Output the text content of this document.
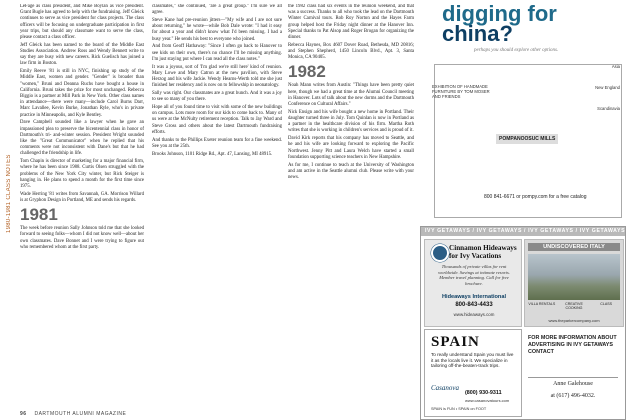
1980-1981 CLASS NOTES

LeFage as class president, and Mike Boylan as vice president. Grant Bugle has agreed to help with the fundraising. Jeff Gleick continues to serve as vice president for class projects. The class officers will be focusing on undergraduate participation in first year trips, but should any classmate want to serve the class, please contact a class officer.

Jeff Gleick has been named to the board of the Middle East Studies Association. Andrew Ross and Wendy Bennett write to say they are busy with new careers. Rick Guelisch has joined a law firm in Boston.

Emily Reeve '81 is still in NYC, finishing up study of the Middle East, women and gender. "Gender" is broader than "women," Bruni and Deanna Ruchs have bought a house in California. Bruni takes the prize for most unchanged. Rebecca Biggio is a partner at Mill Park in New York. Other class names in attendance—there were many—include Carol Burns Darr, Marc Lavallee, Kevin Burke, Jonathan Ryle, who's in private practice in Minneapolis, and Kyle Bentley.

Dave Campbell sounded like a lawyer when he gave an impassioned plea to preserve the bicentennial class in honor of Dartmouth's tri- and-winter session. President Wright sounded like the "Great Communicator" when he replied that his comments were not inconsistent with Dane's but that he had challenged the friendship in life.

Tom Chapin is director of marketing for a major financial firm, where he has been since 1988. Curtis Olsen struggled with the problems of the New York City winter, but Rick Steiger is hanging in. He plans to spend a month for the first time since 1975.

Wade Herring '81 writes from Savannah, GA. Morrison Willard is at Gryphon Design in Portland, ME and sends his regards.

1981

The week before reunion Sally Johnson told me that she looked forward to seeing folks—whom I did not know well—about her own classmates. Dave Bonnet and I were trying to figure out who remembered whom at the first party.

classmates," she continued, "are a great group." I'm sure we all agree.

Steve Kane had pre-reunion jitters—"My wife and I are not sure about returning," he wrote—while Bob Dale wrote: "I had it easy for about a year and didn't know what I'd been missing. I had a busy year." He sends his best to everyone who joined.

And from Geoff Hathaway: "Since I often go back to Hanover to see kids on their own, there's no chance I'll be missing anything. I'm just staying put where I can read all the class notes."

It was a joyous, sort of 'I'm glad we're still here' kind of reunion. Mary Lowe and Mary Catron at the new pavilion, with Steve Herzog and his wife Jackie. Wendy Hearns-Werth told me she just finished her residency and is now on to fellowship in neonatology.

Sally was right. Our classmates are a great bunch. And it was a joy to see so many of you there.

Hope all of you found time to visit with some of the new buildings on campus. Lots more room for our kids to come back to. Many of us were at the McNulty retirement reception. Talk to Jay Ward and Steve Gross and others about the latest Dartmouth fundraising efforts.

And thanks to the Phillips Exeter reunion team for a fine weekend. See you at the 25th.

Brooks Johnson, 1101 Ridge Rd., Apt. 47, Lansing, MI 48915.

the 1982 class had six events in the reunion weekend, and that was a success. Thanks to all who took the lead on the Dartmouth Winter Carnival tours. Rob Roy Norton and the Hayes Farm group helped host the Friday night dinner at the Hanover Inn. Special thanks to Pat Alsop and Roger Brogan for organizing the dinner.

Rebecca Haynes, Box 4607 Dover Road, Bethesda, MD 20816; and Stephen Shepherd, 1450 Lincoln Blvd., Apt. 3, Santa Monica, CA 90405.

1982

Noah Mann writes from Austin: "Things have been pretty quiet here, though we had a great time at the Alumni Council meeting in Hanover. Lots of talk about the new dorms and the Dartmouth Conference on Cultural Affairs."

Nick Ensign and his wife bought a new home in Portland. Their daughter turned three in July. Tom Quinlan is now in Portland as a partner in the healthcare division of his firm. Martha Roth writes that she is working in children's services and is proud of it.

David Kirk reports that his company has moved to Seattle, and he and his wife are looking forward to exploring the Pacific Northwest. Jenny Pitt and Laura Welch have started a small foundation supporting science teachers in New Hampshire.

As for me, I continue to teach at the University of Washington and am active in the Seattle alumni club. Please write with your news.

digging for
china?
perhaps you should explore other options.
EXHIBITION OF HANDMADE FURNITURE BY TOM MOSER AND FRIENDS
Asia
New England
Scandinavia
POMPANOOSUC MILLS
800 841-6671 or pompy.com for a free catalog
IVY GETAWAYS / IVY GETAWAYS / IVY GETAWAYS / IVY GETAWAYS
Cinnamon Hideaways for Ivy Vacations
Thousands of private villas for rent worldwide. Savings at intimate resorts. Member travel planning. Call for free brochure.
Hideaways International
800-843-4433
www.hideaways.com
UNDISCOVERED ITALY
VILLA RENTALS	CREATIVE COOKING
CLASS
www.theparkercompany.com
SPAIN
To really understand Spain you must live it as the locals live it. We specialize in tailoring off-the-beaten-track trips.
Casanova
(800) 930-9311
www.casanovatours.com
SPAIN is FUN • SPAIN on FOOT
FOR MORE INFORMATION ABOUT ADVERTISING IN IVY GETAWAYS CONTACT
Anne Galehouse
at (617) 496-4032.
96 DARTMOUTH ALUMNI MAGAZINE
